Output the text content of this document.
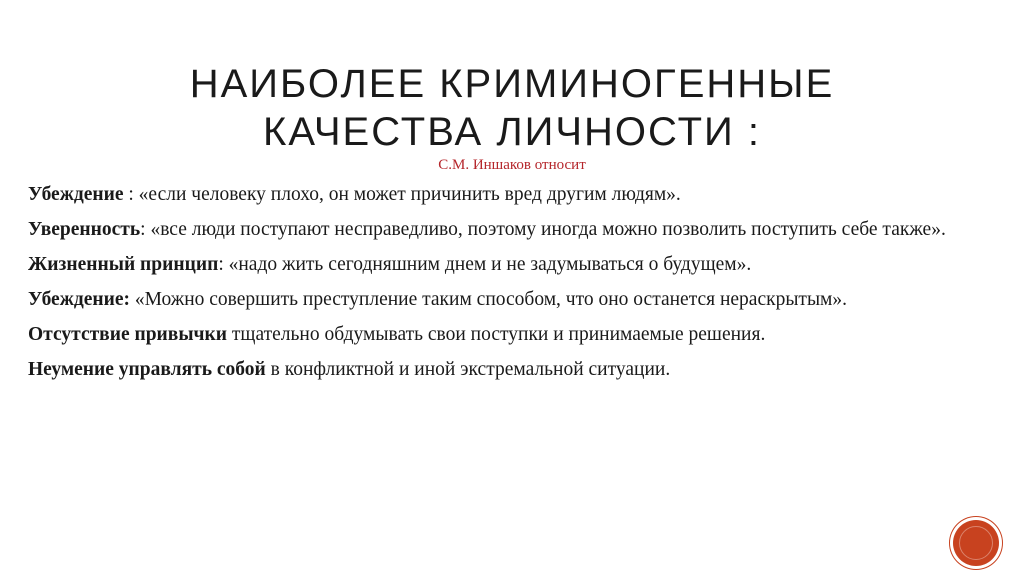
НАИБОЛЕЕ КРИМИНОГЕННЫЕ
КАЧЕСТВА ЛИЧНОСТИ :
С.М. Иншаков относит

Убеждение : «если человеку плохо, он может причинить вред другим людям».

Уверенность: «все люди поступают несправедливо, поэтому иногда можно позволить поступить себе также».

Жизненный принцип: «надо жить сегодняшним днем и не задумываться о будущем».

Убеждение: «Можно совершить преступление таким способом, что оно останется нераскрытым».

Отсутствие привычки тщательно обдумывать свои поступки и принимаемые решения.

Неумение управлять собой в конфликтной и иной экстремальной ситуации.
